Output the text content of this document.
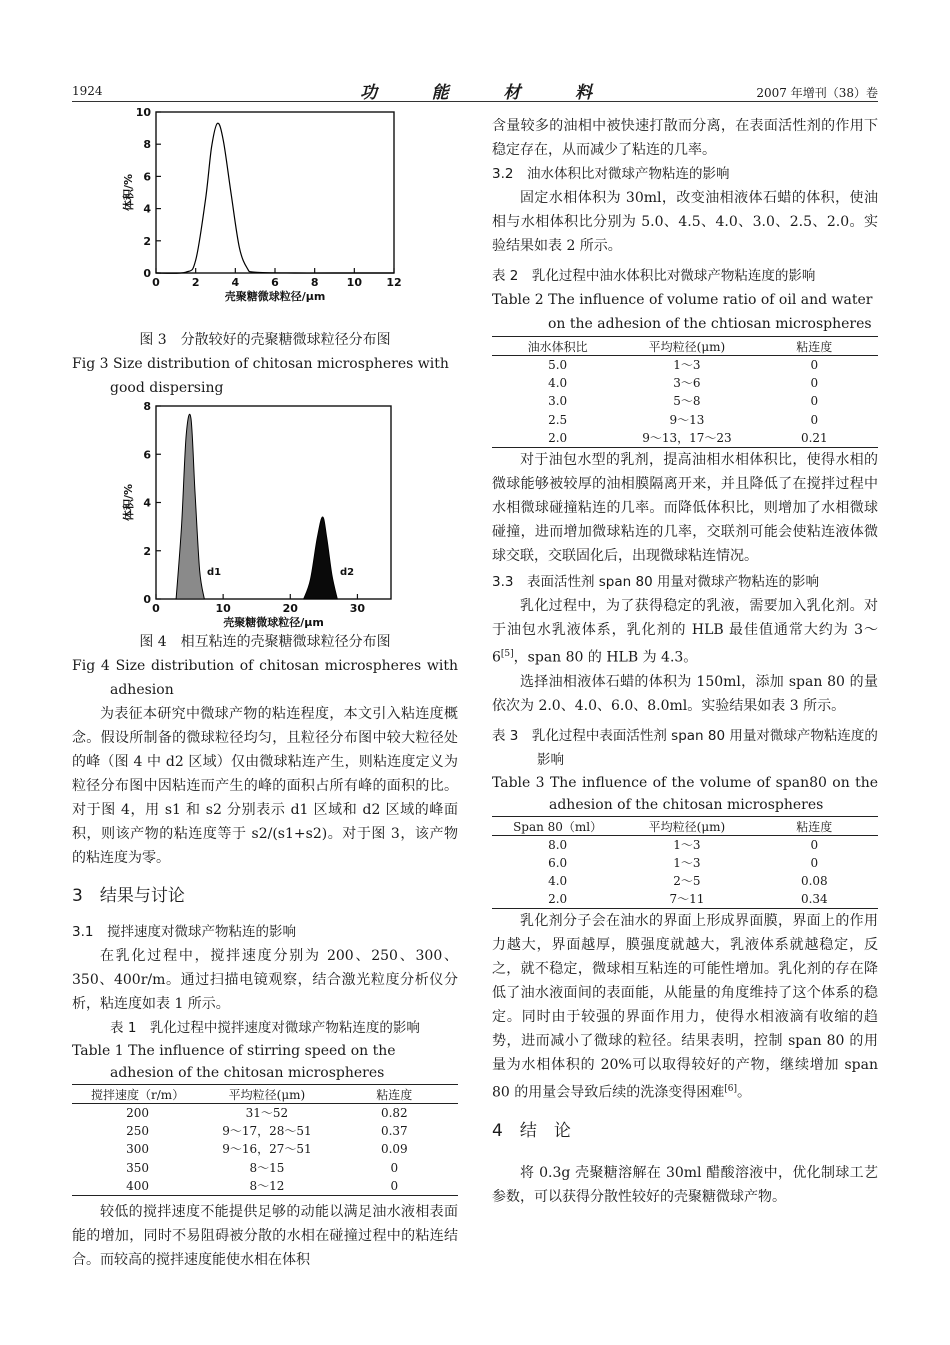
1924	功	能	材	料	2007 年增刊（38）卷
0	2	4	6	8	10 12
0
2
4
6
8
10
壳聚糖微球粒径/μm
体积/%
图 3　分散较好的壳聚糖微球粒径分布图
Fig 3 Size distribution of chitosan microspheres with good dispersing
0	10	20	30
0
2
4
6
8
壳聚糖微球粒径/μm
体积/%
d1	d2
图 4　相互粘连的壳聚糖微球粒径分布图
Fig 4 Size distribution of chitosan microspheres with adhesion

为表征本研究中微球产物的粘连程度，本文引入粘连度概念。假设所制备的微球粒径均匀，且粒径分布图中较大粒径处的峰（图 4 中 d2 区域）仅由微球粘连产生，则粘连度定义为粒径分布图中因粘连而产生的峰的面积占所有峰的面积的比。对于图 4，用 s1 和 s2 分别表示 d1 区域和 d2 区域的峰面积，则该产物的粘连度等于 s2/(s1+s2)。对于图 3，该产物的粘连度为零。

3　结果与讨论
3.1　搅拌速度对微球产物粘连的影响

在乳化过程中，搅拌速度分别为 200、250、300、350、400r/m。通过扫描电镜观察，结合激光粒度分析仪分析，粘连度如表 1 所示。

表 1　乳化过程中搅拌速度对微球产物粘连度的影响
Table 1 The influence of stirring speed on the adhesion of the chitosan microspheres
搅拌速度（r/m）	平均粒径(μm)	粘连度
200	31～52	0.82
250	9～17，28～51	0.37
300	9～16，27～51	0.09
350	8～15	0
400	8～12	0

较低的搅拌速度不能提供足够的动能以满足油水液相表面能的增加，同时不易阻碍被分散的水相在碰撞过程中的粘连结合。而较高的搅拌速度能使水相在体积

含量较多的油相中被快速打散而分离，在表面活性剂的作用下稳定存在，从而减少了粘连的几率。

3.2　油水体积比对微球产物粘连的影响

固定水相体积为 30ml，改变油相液体石蜡的体积，使油相与水相体积比分别为 5.0、4.5、4.0、3.0、2.5、2.0。实验结果如表 2 所示。

表 2　乳化过程中油水体积比对微球产物粘连度的影响
Table 2 The influence of volume ratio of oil and water on the adhesion of the chtiosan microspheres
油水体积比	平均粒径(μm)	粘连度
5.0	1～3	0
4.0	3～6	0
3.0	5～8	0
2.5	9～13	0
2.0	9～13，17～23	0.21

对于油包水型的乳剂，提高油相水相体积比，使得水相的微球能够被较厚的油相膜隔离开来，并且降低了在搅拌过程中水相微球碰撞粘连的几率。而降低体积比，则增加了水相微球碰撞，进而增加微球粘连的几率，交联剂可能会使粘连液体微球交联，交联固化后，出现微球粘连情况。

3.3　表面活性剂 span 80 用量对微球产物粘连的影响

乳化过程中，为了获得稳定的乳液，需要加入乳化剂。对于油包水乳液体系，乳化剂的 HLB 最佳值通常大约为 3～6[5]，span 80 的 HLB 为 4.3。

选择油相液体石蜡的体积为 150ml，添加 span 80 的量依次为 2.0、4.0、6.0、8.0ml。实验结果如表 3 所示。

表 3　乳化过程中表面活性剂 span 80 用量对微球产物粘连度的影响
Table 3 The influence of the volume of span80 on the adhesion of the chitosan microspheres
Span 80（ml）	平均粒径(μm)	粘连度
8.0	1～3	0
6.0	1～3	0
4.0	2～5	0.08
2.0	7～11	0.34

乳化剂分子会在油水的界面上形成界面膜，界面上的作用力越大，界面越厚，膜强度就越大，乳液体系就越稳定，反之，就不稳定，微球相互粘连的可能性增加。乳化剂的存在降低了油水液面间的表面能，从能量的角度维持了这个体系的稳定。同时由于较强的界面作用力，使得水相液滴有收缩的趋势，进而减小了微球的粒径。结果表明，控制 span 80 的用量为水相体积的 20%可以取得较好的产物，继续增加 span 80 的用量会导致后续的洗涤变得困难[6]。

4　结　论

将 0.3g 壳聚糖溶解在 30ml 醋酸溶液中，优化制球工艺参数，可以获得分散性较好的壳聚糖微球产物。
